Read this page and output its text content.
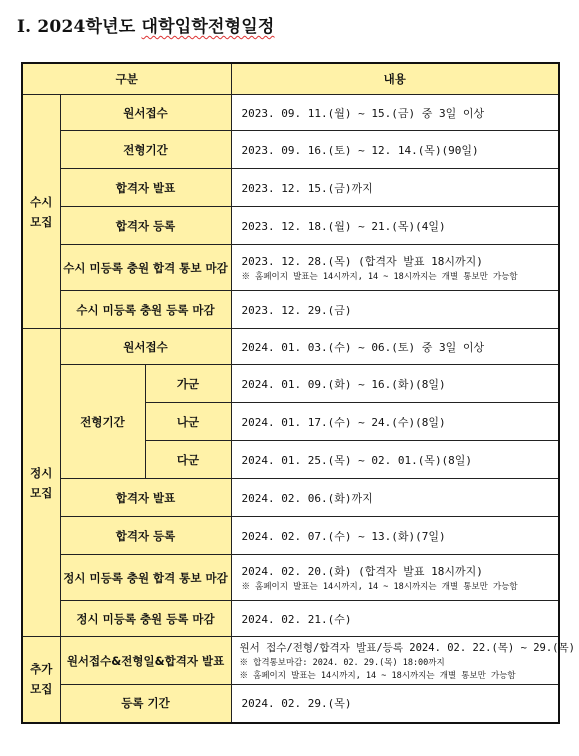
I. 2024학년도 대학입학전형일정
구분			내용
수시
모집	원서접수		2023. 09. 11.(월) ~ 15.(금) 중 3일 이상
	전형기간		2023. 09. 16.(토) ~ 12. 14.(목)(90일)
	합격자 발표		2023. 12. 15.(금)까지
	합격자 등록		2023. 12. 18.(월) ~ 21.(목)(4일)
	수시 미등록 충원 합격 통보 마감		2023. 12. 28.(목) (합격자 발표 18시까지)
※ 홈페이지 발표는 14시까지, 14 ~ 18시까지는 개별 통보만 가능함

	수시 미등록 충원 등록 마감		2023. 12. 29.(금)
정시
모집	원서접수		2024. 01. 03.(수) ~ 06.(토) 중 3일 이상
	전형기간	가군	2024. 01. 09.(화) ~ 16.(화)(8일)
		나군	2024. 01. 17.(수) ~ 24.(수)(8일)
		다군	2024. 01. 25.(목) ~ 02. 01.(목)(8일)
	합격자 발표		2024. 02. 06.(화)까지
	합격자 등록		2024. 02. 07.(수) ~ 13.(화)(7일)
	정시 미등록 충원 합격 통보 마감		2024. 02. 20.(화) (합격자 발표 18시까지)
※ 홈페이지 발표는 14시까지, 14 ~ 18시까지는 개별 통보만 가능함

	정시 미등록 충원 등록 마감		2024. 02. 21.(수)
추가
모집	원서접수&전형일&합격자 발표		원서 접수/전형/합격자 발표/등록 2024. 02. 22.(목) ~ 29.(목)
※ 합격통보마감: 2024. 02. 29.(목) 18:00까지
※ 홈페이지 발표는 14시까지, 14 ~ 18시까지는 개별 통보만 가능함

	등록 기간		2024. 02. 29.(목)
